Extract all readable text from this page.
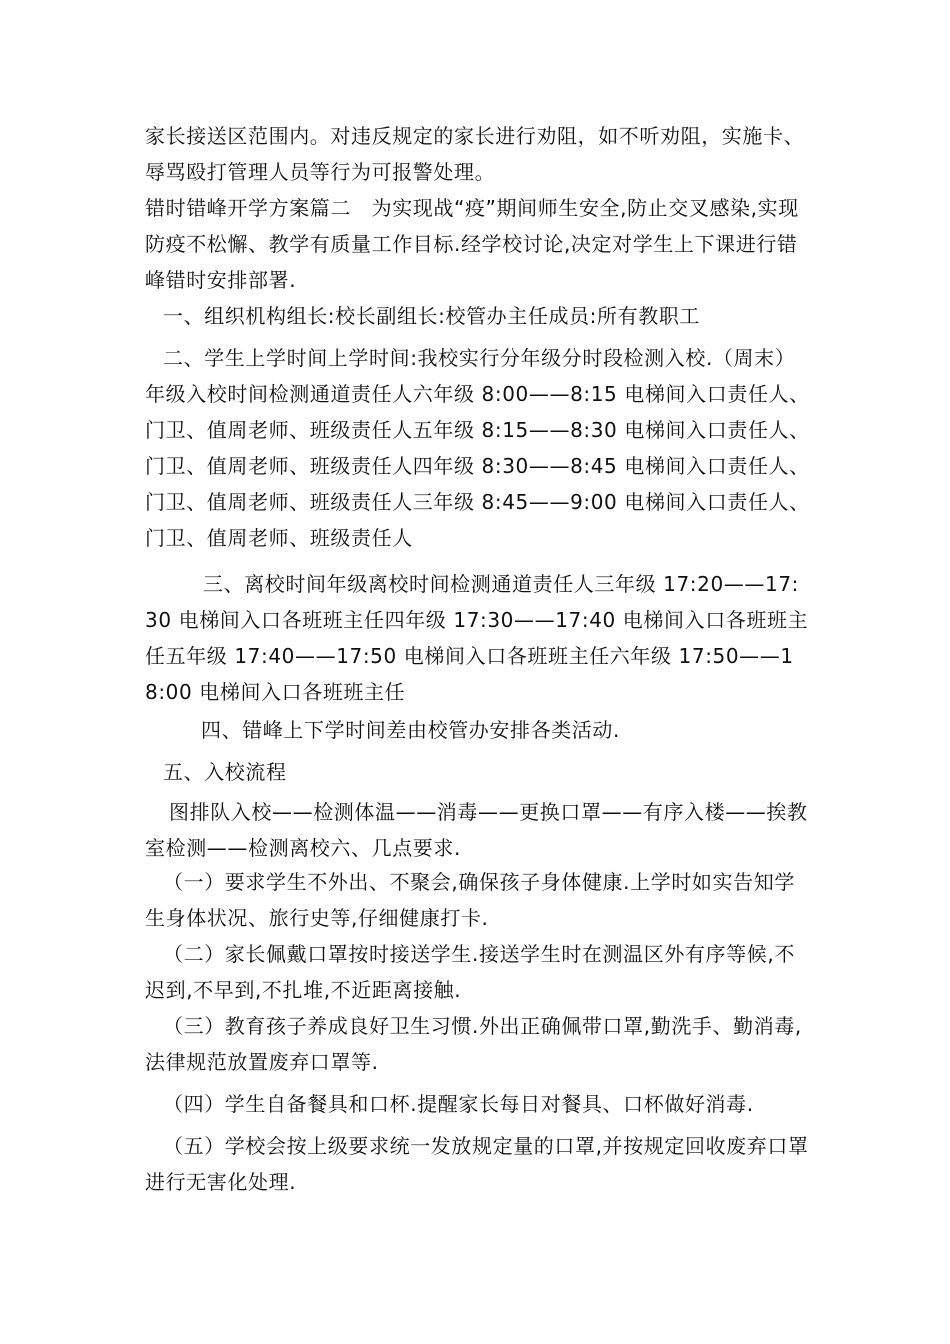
家长接送区范围内。对违反规定的家长进行劝阻，如不听劝阻，实施卡、辱骂殴打管理人员等行为可报警处理。

错时错峰开学方案篇二　为实现战“疫”期间师生安全,防止交叉感染,实现防疫不松懈、教学有质量工作目标.经学校讨论,决定对学生上下课进行错峰错时安排部署.

一、组织机构组长:校长副组长:校管办主任成员:所有教职工

二、学生上学时间上学时间:我校实行分年级分时段检测入校.（周末）年级入校时间检测通道责任人六年级 8:00——8:15 电梯间入口责任人、门卫、值周老师、班级责任人五年级 8:15——8:30 电梯间入口责任人、门卫、值周老师、班级责任人四年级 8:30——8:45 电梯间入口责任人、门卫、值周老师、班级责任人三年级 8:45——9:00 电梯间入口责任人、门卫、值周老师、班级责任人

三、离校时间年级离校时间检测通道责任人三年级 17:20——17:30 电梯间入口各班班主任四年级 17:30——17:40 电梯间入口各班班主任五年级 17:40——17:50 电梯间入口各班班主任六年级 17:50——18:00 电梯间入口各班班主任

四、错峰上下学时间差由校管办安排各类活动.

五、入校流程

图排队入校——检测体温——消毒——更换口罩——有序入楼——挨教室检测——检测离校六、几点要求.

（一）要求学生不外出、不聚会,确保孩子身体健康.上学时如实告知学生身体状况、旅行史等,仔细健康打卡.

（二）家长佩戴口罩按时接送学生.接送学生时在测温区外有序等候,不迟到,不早到,不扎堆,不近距离接触.

（三）教育孩子养成良好卫生习惯.外出正确佩带口罩,勤洗手、勤消毒,法律规范放置废弃口罩等.

（四）学生自备餐具和口杯.提醒家长每日对餐具、口杯做好消毒.

（五）学校会按上级要求统一发放规定量的口罩,并按规定回收废弃口罩进行无害化处理.
